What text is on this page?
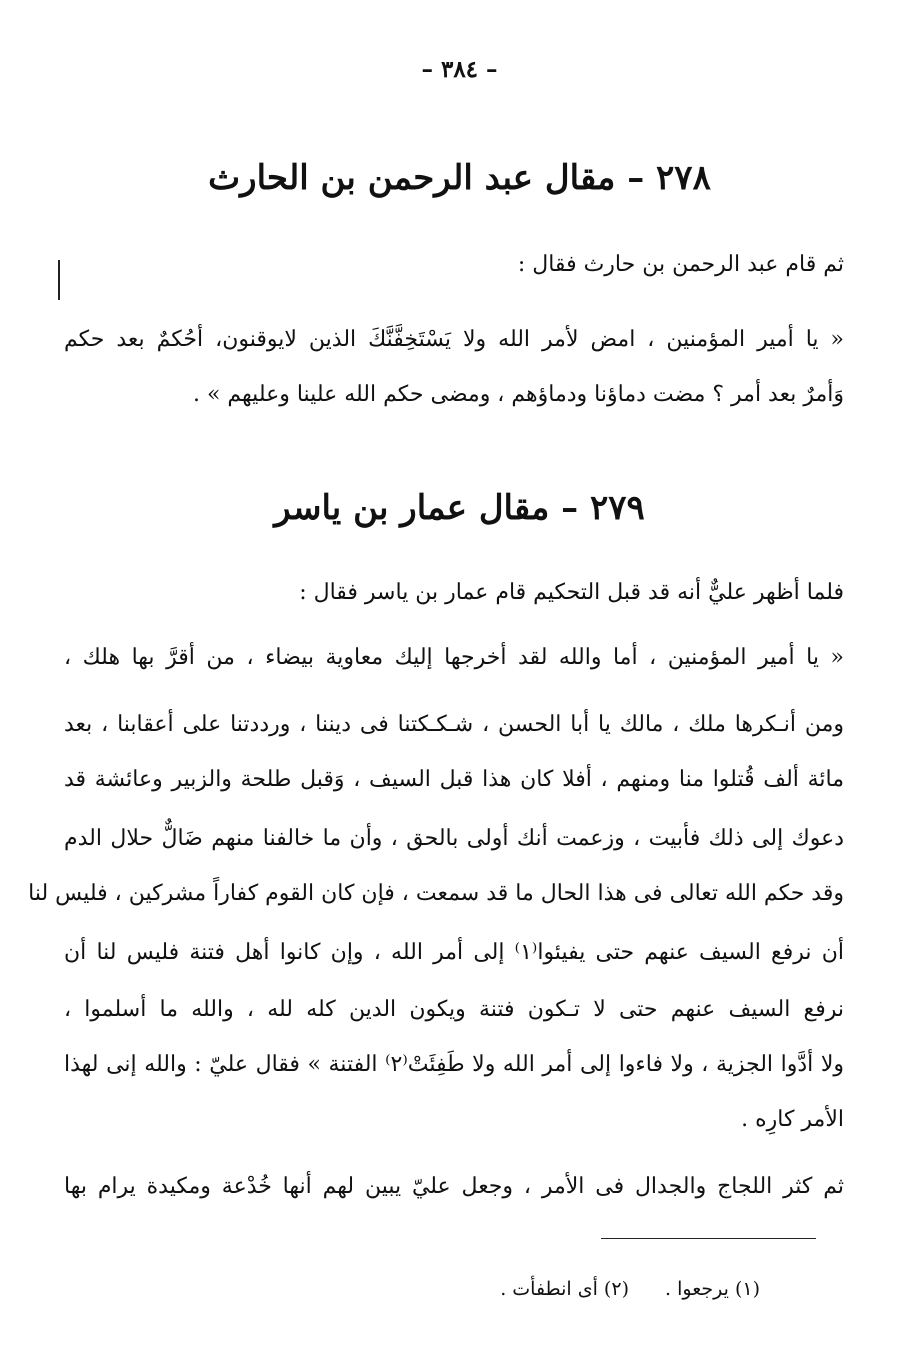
– ٣٨٤ –
٢٧٨ – مقال عبد الرحمن بن الحارث
ثم قام عبد الرحمن بن حارث فقال :
« يا أمير المؤمنين ، امض لأمر الله ولا يَسْتَخِفَّنَّكَ الذين لايوقنون، أحُكمٌ بعد حكم
وَأمرٌ بعد أمر ؟ مضت دماؤنا ودماؤهم ، ومضى حكم الله علينا وعليهم » .
٢٧٩ – مقال عمار بن ياسر
فلما أظهر عليٌّ أنه قد قبل التحكيم قام عمار بن ياسر فقال :
« يا أمير المؤمنين ، أما والله لقد أخرجها إليك معاوية بيضاء ، من أقرَّ بها هلك ،
ومن أنـكرها ملك ، مالك يا أبا الحسن ، شـكـكتنا فى ديننا ، ورددتنا على أعقابنا ، بعد
مائة ألف قُتلوا منا ومنهم ، أفلا كان هذا قبل السيف ، وَقبل طلحة والزبير وعائشة قد
دعوك إلى ذلك فأبيت ، وزعمت أنك أولى بالحق ، وأن ما خالفنا منهم ضَالٌّ حلال الدم
وقد حكم الله تعالى فى هذا الحال ما قد سمعت ، فإن كان القوم كفاراً مشركين ، فليس لنا
أن نرفع السيف عنهم حتى يفيئوا⁽١⁾ إلى أمر الله ، وإن كانوا أهل فتنة فليس لنا أن
نرفع السيف عنهم حتى لا تـكون فتنة ويكون الدين كله لله ، والله ما أسلموا ،
ولا أدَّوا الجزية ، ولا فاءوا إلى أمر الله ولا طَفِئَتْ⁽٢⁾ الفتنة » فقال عليّ : والله إنى لهذا
الأمر كارِه .
ثم كثر اللجاج والجدال فى الأمر ، وجعل عليّ يبين لهم أنها خُدْعة ومكيدة يرام بها
(١) يرجعوا . (٢) أى انطفأت .
